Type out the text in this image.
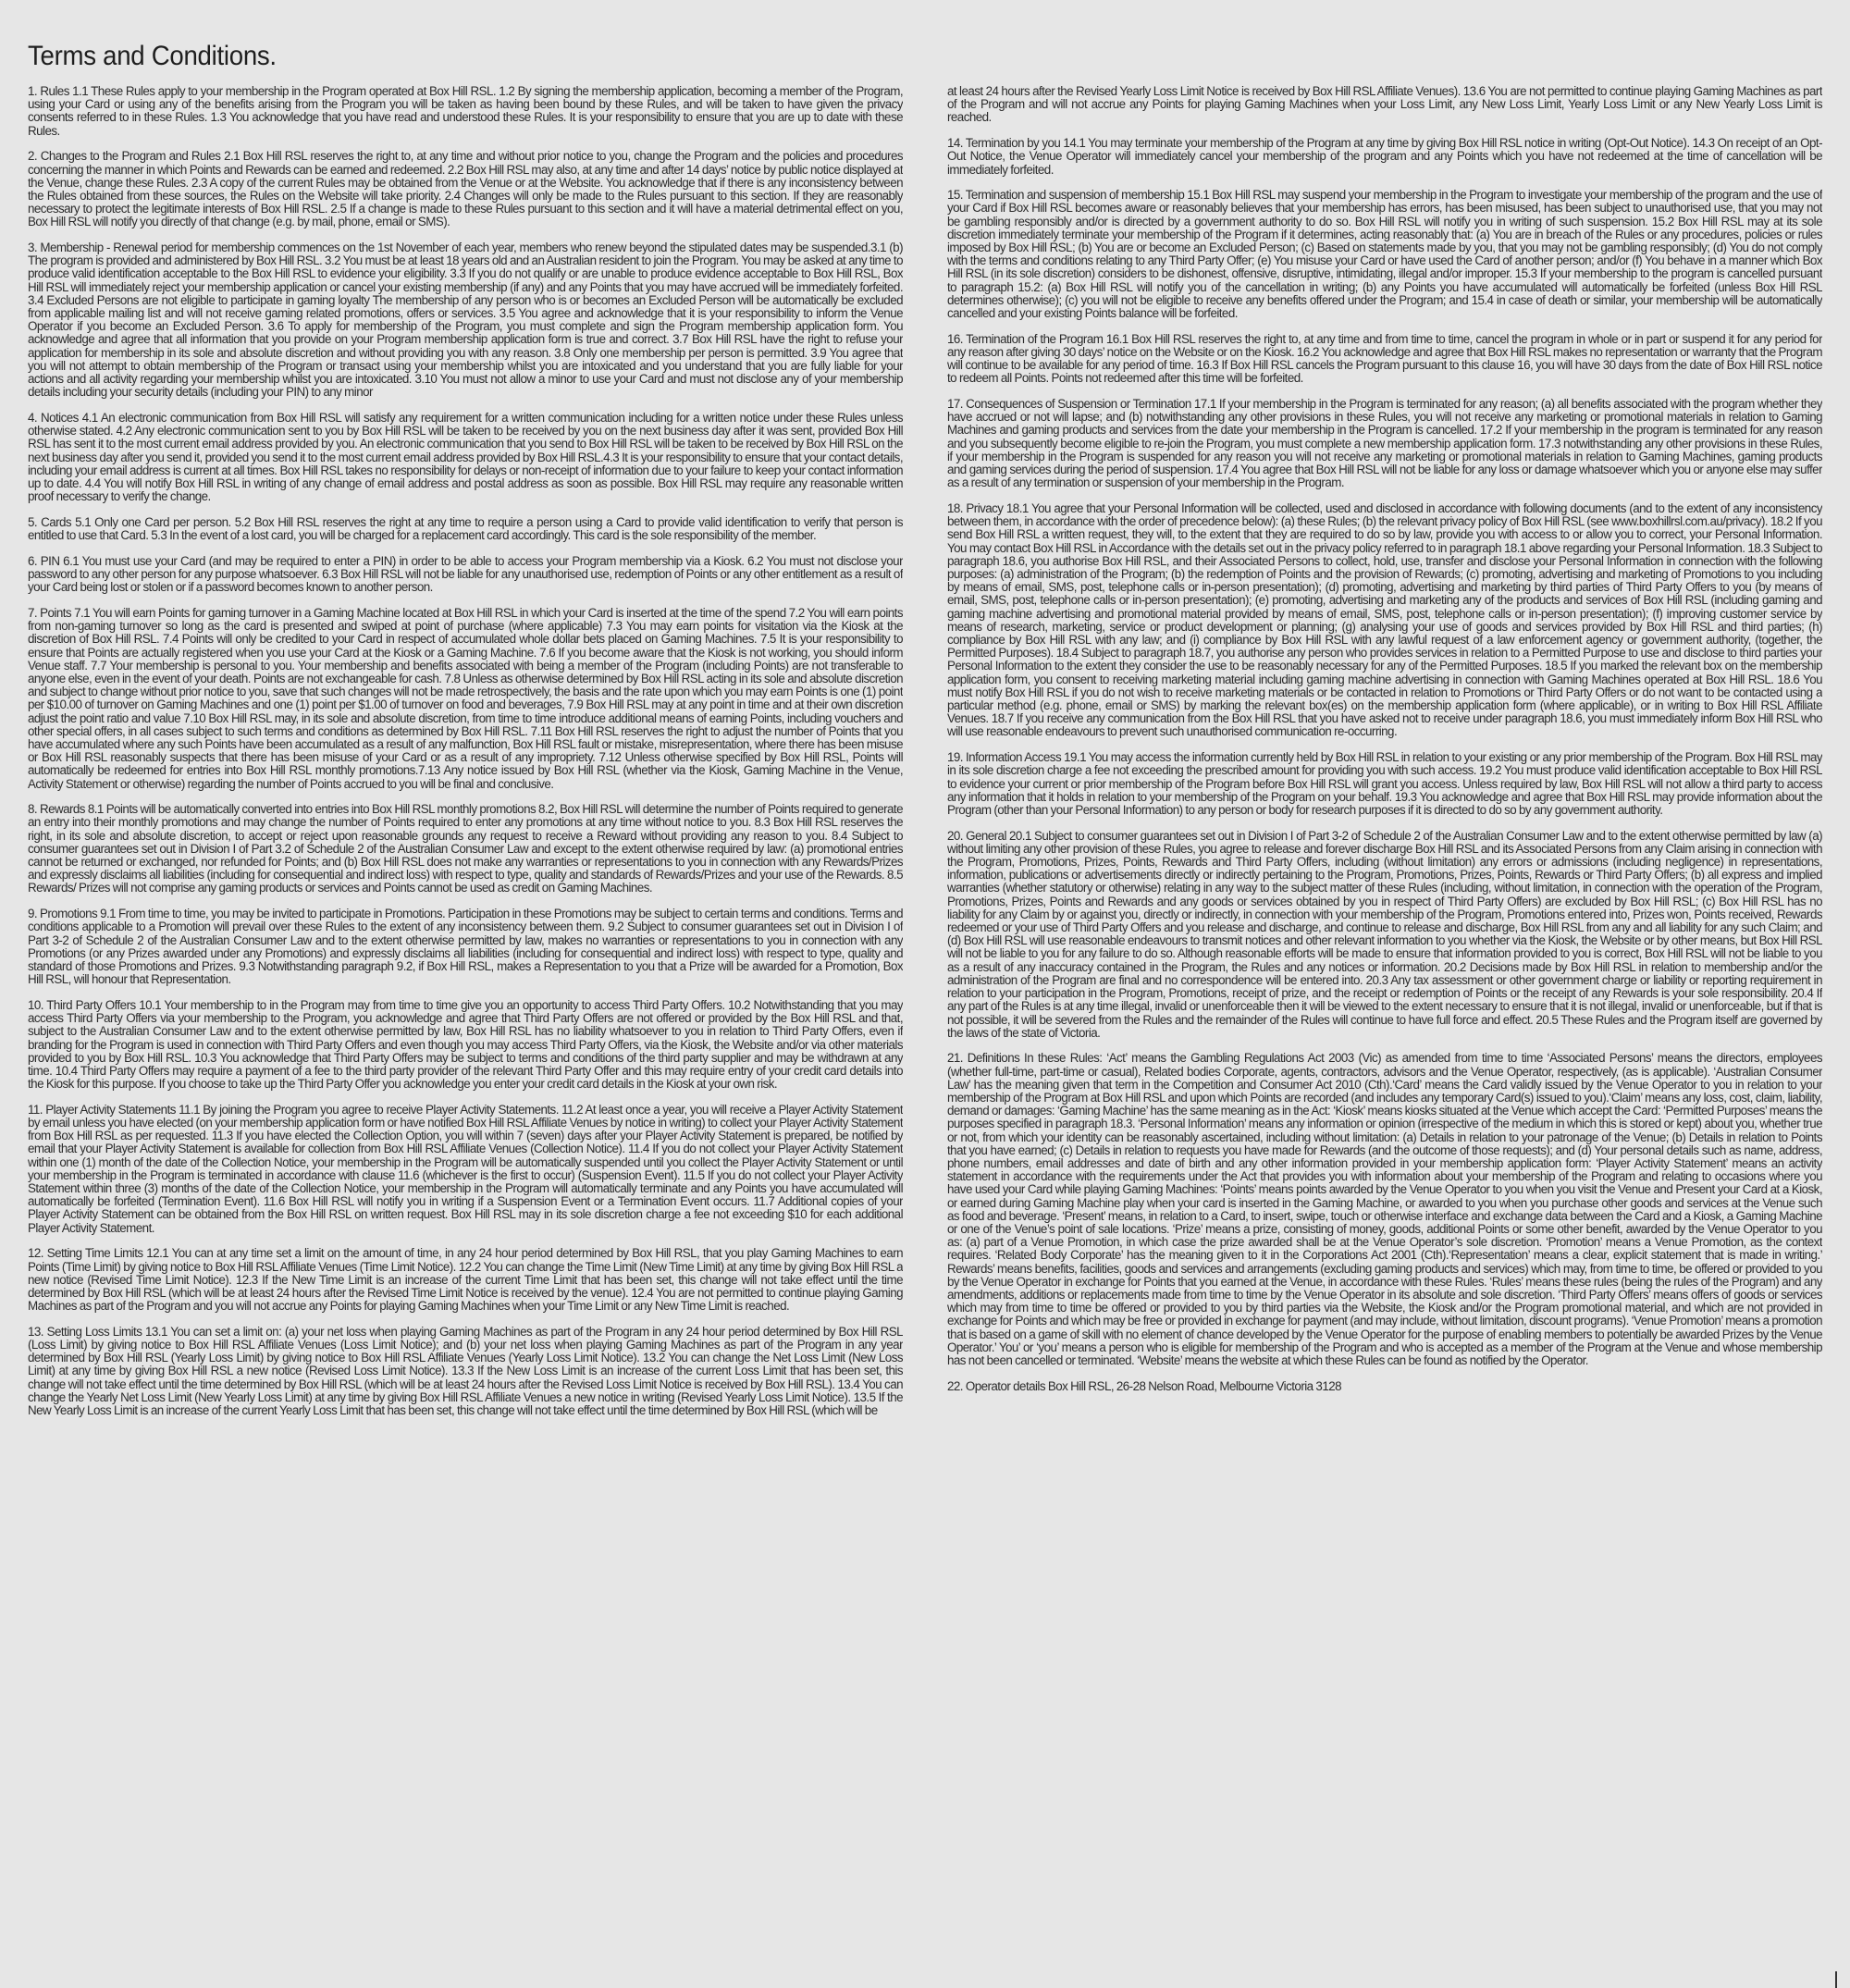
Terms and Conditions.

1. Rules 1.1 These Rules apply to your membership in the Program operated at Box Hill RSL. 1.2 By signing the membership application, becoming a member of the Program, using your Card or using any of the benefits arising from the Program you will be taken as having been bound by these Rules, and will be taken to have given the privacy consents referred to in these Rules. 1.3 You acknowledge that you have read and understood these Rules. It is your responsibility to ensure that you are up to date with these Rules.

2. Changes to the Program and Rules 2.1 Box Hill RSL reserves the right to, at any time and without prior notice to you, change the Program and the policies and procedures concerning the manner in which Points and Rewards can be earned and redeemed. 2.2 Box Hill RSL may also, at any time and after 14 days’ notice by public notice displayed at the Venue, change these Rules. 2.3 A copy of the current Rules may be obtained from the Venue or at the Website. You acknowledge that if there is any inconsistency between the Rules obtained from these sources, the Rules on the Website will take priority. 2.4 Changes will only be made to the Rules pursuant to this section. If they are reasonably necessary to protect the legitimate interests of Box Hill RSL. 2.5 If a change is made to these Rules pursuant to this section and it will have a material detrimental effect on you, Box Hill RSL will notify you directly of that change (e.g. by mail, phone, email or SMS).

3. Membership - Renewal period for membership commences on the 1st November of each year, members who renew beyond the stipulated dates may be suspended.3.1 (b) The program is provided and administered by Box Hill RSL. 3.2 You must be at least 18 years old and an Australian resident to join the Program. You may be asked at any time to produce valid identification acceptable to the Box Hill RSL to evidence your eligibility. 3.3 If you do not qualify or are unable to produce evidence acceptable to Box Hill RSL, Box Hill RSL will immediately reject your membership application or cancel your existing membership (if any) and any Points that you may have accrued will be immediately forfeited. 3.4 Excluded Persons are not eligible to participate in gaming loyalty The membership of any person who is or becomes an Excluded Person will be automatically be excluded from applicable mailing list and will not receive gaming related promotions, offers or services. 3.5 You agree and acknowledge that it is your responsibility to inform the Venue Operator if you become an Excluded Person. 3.6 To apply for membership of the Program, you must complete and sign the Program membership application form. You acknowledge and agree that all information that you provide on your Program membership application form is true and correct. 3.7 Box Hill RSL have the right to refuse your application for membership in its sole and absolute discretion and without providing you with any reason. 3.8 Only one membership per person is permitted. 3.9 You agree that you will not attempt to obtain membership of the Program or transact using your membership whilst you are intoxicated and you understand that you are fully liable for your actions and all activity regarding your membership whilst you are intoxicated. 3.10 You must not allow a minor to use your Card and must not disclose any of your membership details including your security details (including your PIN) to any minor

4. Notices 4.1 An electronic communication from Box Hill RSL will satisfy any requirement for a written communication including for a written notice under these Rules unless otherwise stated. 4.2 Any electronic communication sent to you by Box Hill RSL will be taken to be received by you on the next business day after it was sent, provided Box Hill RSL has sent it to the most current email address provided by you. An electronic communication that you send to Box Hill RSL will be taken to be received by Box Hill RSL on the next business day after you send it, provided you send it to the most current email address provided by Box Hill RSL.4.3 It is your responsibility to ensure that your contact details, including your email address is current at all times. Box Hill RSL takes no responsibility for delays or non-receipt of information due to your failure to keep your contact information up to date. 4.4 You will notify Box Hill RSL in writing of any change of email address and postal address as soon as possible. Box Hill RSL may require any reasonable written proof necessary to verify the change.

5. Cards 5.1 Only one Card per person. 5.2 Box Hill RSL reserves the right at any time to require a person using a Card to provide valid identification to verify that person is entitled to use that Card. 5.3 In the event of a lost card, you will be charged for a replacement card accordingly. This card is the sole responsibility of the member.

6. PIN 6.1 You must use your Card (and may be required to enter a PIN) in order to be able to access your Program membership via a Kiosk. 6.2 You must not disclose your password to any other person for any purpose whatsoever. 6.3 Box Hill RSL will not be liable for any unauthorised use, redemption of Points or any other entitlement as a result of your Card being lost or stolen or if a password becomes known to another person.

7. Points 7.1 You will earn Points for gaming turnover in a Gaming Machine located at Box Hill RSL in which your Card is inserted at the time of the spend 7.2 You will earn points from non-gaming turnover so long as the card is presented and swiped at point of purchase (where applicable) 7.3 You may earn points for visitation via the Kiosk at the discretion of Box Hill RSL. 7.4 Points will only be credited to your Card in respect of accumulated whole dollar bets placed on Gaming Machines. 7.5 It is your responsibility to ensure that Points are actually registered when you use your Card at the Kiosk or a Gaming Machine. 7.6 If you become aware that the Kiosk is not working, you should inform Venue staff. 7.7 Your membership is personal to you. Your membership and benefits associated with being a member of the Program (including Points) are not transferable to anyone else, even in the event of your death. Points are not exchangeable for cash. 7.8 Unless as otherwise determined by Box Hill RSL acting in its sole and absolute discretion and subject to change without prior notice to you, save that such changes will not be made retrospectively, the basis and the rate upon which you may earn Points is one (1) point per $10.00 of turnover on Gaming Machines and one (1) point per $1.00 of turnover on food and beverages, 7.9 Box Hill RSL may at any point in time and at their own discretion adjust the point ratio and value 7.10 Box Hill RSL may, in its sole and absolute discretion, from time to time introduce additional means of earning Points, including vouchers and other special offers, in all cases subject to such terms and conditions as determined by Box Hill RSL. 7.11 Box Hill RSL reserves the right to adjust the number of Points that you have accumulated where any such Points have been accumulated as a result of any malfunction, Box Hill RSL fault or mistake, misrepresentation, where there has been misuse or Box Hill RSL reasonably suspects that there has been misuse of your Card or as a result of any impropriety. 7.12 Unless otherwise specified by Box Hill RSL, Points will automatically be redeemed for entries into Box Hill RSL monthly promotions.7.13 Any notice issued by Box Hill RSL (whether via the Kiosk, Gaming Machine in the Venue, Activity Statement or otherwise) regarding the number of Points accrued to you will be final and conclusive.

8. Rewards 8.1 Points will be automatically converted into entries into Box Hill RSL monthly promotions 8.2, Box Hill RSL will determine the number of Points required to generate an entry into their monthly promotions and may change the number of Points required to enter any promotions at any time without notice to you. 8.3 Box Hill RSL reserves the right, in its sole and absolute discretion, to accept or reject upon reasonable grounds any request to receive a Reward without providing any reason to you. 8.4 Subject to consumer guarantees set out in Division I of Part 3.2 of Schedule 2 of the Australian Consumer Law and except to the extent otherwise required by law: (a) promotional entries cannot be returned or exchanged, nor refunded for Points; and (b) Box Hill RSL does not make any warranties or representations to you in connection with any Rewards/Prizes and expressly disclaims all liabilities (including for consequential and indirect loss) with respect to type, quality and standards of Rewards/Prizes and your use of the Rewards. 8.5 Rewards/ Prizes will not comprise any gaming products or services and Points cannot be used as credit on Gaming Machines.

9. Promotions 9.1 From time to time, you may be invited to participate in Promotions. Participation in these Promotions may be subject to certain terms and conditions. Terms and conditions applicable to a Promotion will prevail over these Rules to the extent of any inconsistency between them. 9.2 Subject to consumer guarantees set out in Division I of Part 3-2 of Schedule 2 of the Australian Consumer Law and to the extent otherwise permitted by law, makes no warranties or representations to you in connection with any Promotions (or any Prizes awarded under any Promotions) and expressly disclaims all liabilities (including for consequential and indirect loss) with respect to type, quality and standard of those Promotions and Prizes. 9.3 Notwithstanding paragraph 9.2, if Box Hill RSL, makes a Representation to you that a Prize will be awarded for a Promotion, Box Hill RSL, will honour that Representation.

10. Third Party Offers 10.1 Your membership to in the Program may from time to time give you an opportunity to access Third Party Offers. 10.2 Notwithstanding that you may access Third Party Offers via your membership to the Program, you acknowledge and agree that Third Party Offers are not offered or provided by the Box Hill RSL and that, subject to the Australian Consumer Law and to the extent otherwise permitted by law, Box Hill RSL has no liability whatsoever to you in relation to Third Party Offers, even if branding for the Program is used in connection with Third Party Offers and even though you may access Third Party Offers, via the Kiosk, the Website and/or via other materials provided to you by Box Hill RSL. 10.3 You acknowledge that Third Party Offers may be subject to terms and conditions of the third party supplier and may be withdrawn at any time. 10.4 Third Party Offers may require a payment of a fee to the third party provider of the relevant Third Party Offer and this may require entry of your credit card details into the Kiosk for this purpose. If you choose to take up the Third Party Offer you acknowledge you enter your credit card details in the Kiosk at your own risk.

11. Player Activity Statements 11.1 By joining the Program you agree to receive Player Activity Statements. 11.2 At least once a year, you will receive a Player Activity Statement by email unless you have elected (on your membership application form or have notified Box Hill RSL Affiliate Venues by notice in writing) to collect your Player Activity Statement from Box Hill RSL as per requested. 11.3 If you have elected the Collection Option, you will within 7 (seven) days after your Player Activity Statement is prepared, be notified by email that your Player Activity Statement is available for collection from Box Hill RSL Affiliate Venues (Collection Notice). 11.4 If you do not collect your Player Activity Statement within one (1) month of the date of the Collection Notice, your membership in the Program will be automatically suspended until you collect the Player Activity Statement or until your membership in the Program is terminated in accordance with clause 11.6 (whichever is the first to occur) (Suspension Event). 11.5 If you do not collect your Player Activity Statement within three (3) months of the date of the Collection Notice, your membership in the Program will automatically terminate and any Points you have accumulated will automatically be forfeited (Termination Event). 11.6 Box Hill RSL will notify you in writing if a Suspension Event or a Termination Event occurs. 11.7 Additional copies of your Player Activity Statement can be obtained from the Box Hill RSL on written request. Box Hill RSL may in its sole discretion charge a fee not exceeding $10 for each additional Player Activity Statement.

12. Setting Time Limits 12.1 You can at any time set a limit on the amount of time, in any 24 hour period determined by Box Hill RSL, that you play Gaming Machines to earn Points (Time Limit) by giving notice to Box Hill RSL Affiliate Venues (Time Limit Notice). 12.2 You can change the Time Limit (New Time Limit) at any time by giving Box Hill RSL a new notice (Revised Time Limit Notice). 12.3 If the New Time Limit is an increase of the current Time Limit that has been set, this change will not take effect until the time determined by Box Hill RSL (which will be at least 24 hours after the Revised Time Limit Notice is received by the venue). 12.4 You are not permitted to continue playing Gaming Machines as part of the Program and you will not accrue any Points for playing Gaming Machines when your Time Limit or any New Time Limit is reached.

13. Setting Loss Limits 13.1 You can set a limit on: (a) your net loss when playing Gaming Machines as part of the Program in any 24 hour period determined by Box Hill RSL (Loss Limit) by giving notice to Box Hill RSL Affiliate Venues (Loss Limit Notice); and (b) your net loss when playing Gaming Machines as part of the Program in any year determined by Box Hill RSL (Yearly Loss Limit) by giving notice to Box Hill RSL Affiliate Venues (Yearly Loss Limit Notice). 13.2 You can change the Net Loss Limit (New Loss Limit) at any time by giving Box Hill RSL a new notice (Revised Loss Limit Notice). 13.3 If the New Loss Limit is an increase of the current Loss Limit that has been set, this change will not take effect until the time determined by Box Hill RSL (which will be at least 24 hours after the Revised Loss Limit Notice is received by Box Hill RSL). 13.4 You can change the Yearly Net Loss Limit (New Yearly Loss Limit) at any time by giving Box Hill RSL Affiliate Venues a new notice in writing (Revised Yearly Loss Limit Notice). 13.5 If the New Yearly Loss Limit is an increase of the current Yearly Loss Limit that has been set, this change will not take effect until the time determined by Box Hill RSL (which will be

at least 24 hours after the Revised Yearly Loss Limit Notice is received by Box Hill RSL Affiliate Venues). 13.6 You are not permitted to continue playing Gaming Machines as part of the Program and will not accrue any Points for playing Gaming Machines when your Loss Limit, any New Loss Limit, Yearly Loss Limit or any New Yearly Loss Limit is reached.

14. Termination by you 14.1 You may terminate your membership of the Program at any time by giving Box Hill RSL notice in writing (Opt-Out Notice). 14.3 On receipt of an Opt-Out Notice, the Venue Operator will immediately cancel your membership of the program and any Points which you have not redeemed at the time of cancellation will be immediately forfeited.

15. Termination and suspension of membership 15.1 Box Hill RSL may suspend your membership in the Program to investigate your membership of the program and the use of your Card if Box Hill RSL becomes aware or reasonably believes that your membership has errors, has been misused, has been subject to unauthorised use, that you may not be gambling responsibly and/or is directed by a government authority to do so. Box Hill RSL will notify you in writing of such suspension. 15.2 Box Hill RSL may at its sole discretion immediately terminate your membership of the Program if it determines, acting reasonably that: (a) You are in breach of the Rules or any procedures, policies or rules imposed by Box Hill RSL; (b) You are or become an Excluded Person; (c) Based on statements made by you, that you may not be gambling responsibly; (d) You do not comply with the terms and conditions relating to any Third Party Offer; (e) You misuse your Card or have used the Card of another person; and/or (f) You behave in a manner which Box Hill RSL (in its sole discretion) considers to be dishonest, offensive, disruptive, intimidating, illegal and/or improper. 15.3 If your membership to the program is cancelled pursuant to paragraph 15.2: (a) Box Hill RSL will notify you of the cancellation in writing; (b) any Points you have accumulated will automatically be forfeited (unless Box Hill RSL determines otherwise); (c) you will not be eligible to receive any benefits offered under the Program; and 15.4 in case of death or similar, your membership will be automatically cancelled and your existing Points balance will be forfeited.

16. Termination of the Program 16.1 Box Hill RSL reserves the right to, at any time and from time to time, cancel the program in whole or in part or suspend it for any period for any reason after giving 30 days’ notice on the Website or on the Kiosk. 16.2 You acknowledge and agree that Box Hill RSL makes no representation or warranty that the Program will continue to be available for any period of time. 16.3 If Box Hill RSL cancels the Program pursuant to this clause 16, you will have 30 days from the date of Box Hill RSL notice to redeem all Points. Points not redeemed after this time will be forfeited.

17. Consequences of Suspension or Termination 17.1 If your membership in the Program is terminated for any reason; (a) all benefits associated with the program whether they have accrued or not will lapse; and (b) notwithstanding any other provisions in these Rules, you will not receive any marketing or promotional materials in relation to Gaming Machines and gaming products and services from the date your membership in the Program is cancelled. 17.2 If your membership in the program is terminated for any reason and you subsequently become eligible to re-join the Program, you must complete a new membership application form. 17.3 notwithstanding any other provisions in these Rules, if your membership in the Program is suspended for any reason you will not receive any marketing or promotional materials in relation to Gaming Machines, gaming products and gaming services during the period of suspension. 17.4 You agree that Box Hill RSL will not be liable for any loss or damage whatsoever which you or anyone else may suffer as a result of any termination or suspension of your membership in the Program.

18. Privacy 18.1 You agree that your Personal Information will be collected, used and disclosed in accordance with following documents (and to the extent of any inconsistency between them, in accordance with the order of precedence below): (a) these Rules; (b) the relevant privacy policy of Box Hill RSL (see www.boxhillrsl.com.au/privacy). 18.2 If you send Box Hill RSL a written request, they will, to the extent that they are required to do so by law, provide you with access to or allow you to correct, your Personal Information. You may contact Box Hill RSL in Accordance with the details set out in the privacy policy referred to in paragraph 18.1 above regarding your Personal Information. 18.3 Subject to paragraph 18.6, you authorise Box Hill RSL, and their Associated Persons to collect, hold, use, transfer and disclose your Personal Information in connection with the following purposes: (a) administration of the Program; (b) the redemption of Points and the provision of Rewards; (c) promoting, advertising and marketing of Promotions to you including by means of email, SMS, post, telephone calls or in-person presentation); (d) promoting, advertising and marketing by third parties of Third Party Offers to you (by means of email, SMS, post, telephone calls or in-person presentation); (e) promoting, advertising and marketing any of the products and services of Box Hill RSL (including gaming and gaming machine advertising and promotional material provided by means of email, SMS, post, telephone calls or in-person presentation); (f) improving customer service by means of research, marketing, service or product development or planning; (g) analysing your use of goods and services provided by Box Hill RSL and third parties; (h) compliance by Box Hill RSL with any law; and (i) compliance by Box Hill RSL with any lawful request of a law enforcement agency or government authority, (together, the Permitted Purposes). 18.4 Subject to paragraph 18.7, you authorise any person who provides services in relation to a Permitted Purpose to use and disclose to third parties your Personal Information to the extent they consider the use to be reasonably necessary for any of the Permitted Purposes. 18.5 If you marked the relevant box on the membership application form, you consent to receiving marketing material including gaming machine advertising in connection with Gaming Machines operated at Box Hill RSL. 18.6 You must notify Box Hill RSL if you do not wish to receive marketing materials or be contacted in relation to Promotions or Third Party Offers or do not want to be contacted using a particular method (e.g. phone, email or SMS) by marking the relevant box(es) on the membership application form (where applicable), or in writing to Box Hill RSL Affiliate Venues. 18.7 If you receive any communication from the Box Hill RSL that you have asked not to receive under paragraph 18.6, you must immediately inform Box Hill RSL who will use reasonable endeavours to prevent such unauthorised communication re-occurring.

19. Information Access 19.1 You may access the information currently held by Box Hill RSL in relation to your existing or any prior membership of the Program. Box Hill RSL may in its sole discretion charge a fee not exceeding the prescribed amount for providing you with such access. 19.2 You must produce valid identification acceptable to Box Hill RSL to evidence your current or prior membership of the Program before Box Hill RSL will grant you access. Unless required by law, Box Hill RSL will not allow a third party to access any information that it holds in relation to your membership of the Program on your behalf. 19.3 You acknowledge and agree that Box Hill RSL may provide information about the Program (other than your Personal Information) to any person or body for research purposes if it is directed to do so by any government authority.

20. General 20.1 Subject to consumer guarantees set out in Division I of Part 3-2 of Schedule 2 of the Australian Consumer Law and to the extent otherwise permitted by law (a) without limiting any other provision of these Rules, you agree to release and forever discharge Box Hill RSL and its Associated Persons from any Claim arising in connection with the Program, Promotions, Prizes, Points, Rewards and Third Party Offers, including (without limitation) any errors or admissions (including negligence) in representations, information, publications or advertisements directly or indirectly pertaining to the Program, Promotions, Prizes, Points, Rewards or Third Party Offers; (b) all express and implied warranties (whether statutory or otherwise) relating in any way to the subject matter of these Rules (including, without limitation, in connection with the operation of the Program, Promotions, Prizes, Points and Rewards and any goods or services obtained by you in respect of Third Party Offers) are excluded by Box Hill RSL; (c) Box Hill RSL has no liability for any Claim by or against you, directly or indirectly, in connection with your membership of the Program, Promotions entered into, Prizes won, Points received, Rewards redeemed or your use of Third Party Offers and you release and discharge, and continue to release and discharge, Box Hill RSL from any and all liability for any such Claim; and (d) Box Hill RSL will use reasonable endeavours to transmit notices and other relevant information to you whether via the Kiosk, the Website or by other means, but Box Hill RSL will not be liable to you for any failure to do so. Although reasonable efforts will be made to ensure that information provided to you is correct, Box Hill RSL will not be liable to you as a result of any inaccuracy contained in the Program, the Rules and any notices or information. 20.2 Decisions made by Box Hill RSL in relation to membership and/or the administration of the Program are final and no correspondence will be entered into. 20.3 Any tax assessment or other government charge or liability or reporting requirement in relation to your participation in the Program, Promotions, receipt of prize, and the receipt or redemption of Points or the receipt of any Rewards is your sole responsibility. 20.4 If any part of the Rules is at any time illegal, invalid or unenforceable then it will be viewed to the extent necessary to ensure that it is not illegal, invalid or unenforceable, but if that is not possible, it will be severed from the Rules and the remainder of the Rules will continue to have full force and effect. 20.5 These Rules and the Program itself are governed by the laws of the state of Victoria.

21. Definitions In these Rules: ‘Act’ means the Gambling Regulations Act 2003 (Vic) as amended from time to time ‘Associated Persons’ means the directors, employees (whether full-time, part-time or casual), Related bodies Corporate, agents, contractors, advisors and the Venue Operator, respectively, (as is applicable). ‘Australian Consumer Law’ has the meaning given that term in the Competition and Consumer Act 2010 (Cth).‘Card’ means the Card validly issued by the Venue Operator to you in relation to your membership of the Program at Box Hill RSL and upon which Points are recorded (and includes any temporary Card(s) issued to you).‘Claim’ means any loss, cost, claim, liability, demand or damages: ‘Gaming Machine’ has the same meaning as in the Act: ‘Kiosk’ means kiosks situated at the Venue which accept the Card: ‘Permitted Purposes’ means the purposes specified in paragraph 18.3. ‘Personal Information’ means any information or opinion (irrespective of the medium in which this is stored or kept) about you, whether true or not, from which your identity can be reasonably ascertained, including without limitation: (a) Details in relation to your patronage of the Venue; (b) Details in relation to Points that you have earned; (c) Details in relation to requests you have made for Rewards (and the outcome of those requests); and (d) Your personal details such as name, address, phone numbers, email addresses and date of birth and any other information provided in your membership application form: ‘Player Activity Statement’ means an activity statement in accordance with the requirements under the Act that provides you with information about your membership of the Program and relating to occasions where you have used your Card while playing Gaming Machines: ‘Points’ means points awarded by the Venue Operator to you when you visit the Venue and Present your Card at a Kiosk, or earned during Gaming Machine play when your card is inserted in the Gaming Machine, or awarded to you when you purchase other goods and services at the Venue such as food and beverage. ‘Present’ means, in relation to a Card, to insert, swipe, touch or otherwise interface and exchange data between the Card and a Kiosk, a Gaming Machine or one of the Venue’s point of sale locations. ‘Prize’ means a prize, consisting of money, goods, additional Points or some other benefit, awarded by the Venue Operator to you as: (a) part of a Venue Promotion, in which case the prize awarded shall be at the Venue Operator’s sole discretion. ‘Promotion’ means a Venue Promotion, as the context requires. ‘Related Body Corporate’ has the meaning given to it in the Corporations Act 2001 (Cth).‘Representation’ means a clear, explicit statement that is made in writing.’ Rewards’ means benefits, facilities, goods and services and arrangements (excluding gaming products and services) which may, from time to time, be offered or provided to you by the Venue Operator in exchange for Points that you earned at the Venue, in accordance with these Rules. ‘Rules’ means these rules (being the rules of the Program) and any amendments, additions or replacements made from time to time by the Venue Operator in its absolute and sole discretion. ‘Third Party Offers’ means offers of goods or services which may from time to time be offered or provided to you by third parties via the Website, the Kiosk and/or the Program promotional material, and which are not provided in exchange for Points and which may be free or provided in exchange for payment (and may include, without limitation, discount programs). ‘Venue Promotion’ means a promotion that is based on a game of skill with no element of chance developed by the Venue Operator for the purpose of enabling members to potentially be awarded Prizes by the Venue Operator.’ You’ or ‘you’ means a person who is eligible for membership of the Program and who is accepted as a member of the Program at the Venue and whose membership has not been cancelled or terminated. ‘Website’ means the website at which these Rules can be found as notified by the Operator.

22. Operator details Box Hill RSL, 26-28 Nelson Road, Melbourne Victoria 3128
